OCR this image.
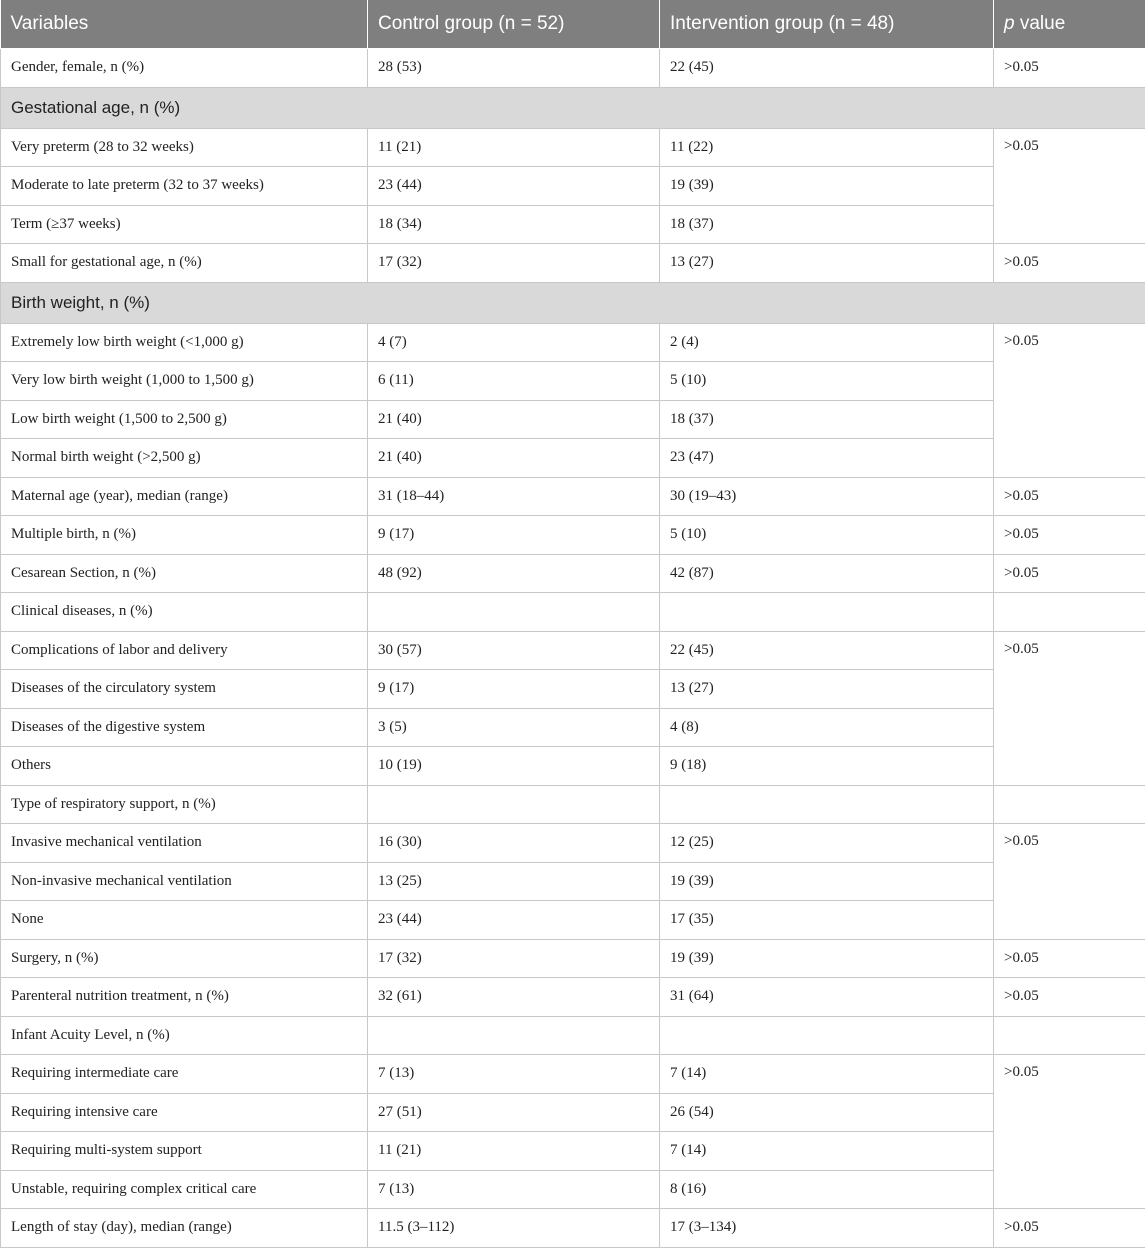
Variables	Control group (n = 52)	Intervention group (n = 48)	p value
Gender, female, n (%)	28 (53)	22 (45)	>0.05
Gestational age, n (%)			
Very preterm (28 to 32 weeks)	11 (21)	11 (22)	>0.05
Moderate to late preterm (32 to 37 weeks)	23 (44)	19 (39)	
Term (≥37 weeks)	18 (34)	18 (37)	
Small for gestational age, n (%)	17 (32)	13 (27)	>0.05
Birth weight, n (%)			
Extremely low birth weight (<1,000 g)	4 (7)	2 (4)	>0.05
Very low birth weight (1,000 to 1,500 g)	6 (11)	5 (10)	
Low birth weight (1,500 to 2,500 g)	21 (40)	18 (37)	
Normal birth weight (>2,500 g)	21 (40)	23 (47)	
Maternal age (year), median (range)	31 (18–44)	30 (19–43)	>0.05
Multiple birth, n (%)	9 (17)	5 (10)	>0.05
Cesarean Section, n (%)	48 (92)	42 (87)	>0.05
Clinical diseases, n (%)			
Complications of labor and delivery	30 (57)	22 (45)	>0.05
Diseases of the circulatory system	9 (17)	13 (27)	
Diseases of the digestive system	3 (5)	4 (8)	
Others	10 (19)	9 (18)	
Type of respiratory support, n (%)			
Invasive mechanical ventilation	16 (30)	12 (25)	>0.05
Non-invasive mechanical ventilation	13 (25)	19 (39)	
None	23 (44)	17 (35)	
Surgery, n (%)	17 (32)	19 (39)	>0.05
Parenteral nutrition treatment, n (%)	32 (61)	31 (64)	>0.05
Infant Acuity Level, n (%)			
Requiring intermediate care	7 (13)	7 (14)	>0.05
Requiring intensive care	27 (51)	26 (54)	
Requiring multi-system support	11 (21)	7 (14)	
Unstable, requiring complex critical care	7 (13)	8 (16)	
Length of stay (day), median (range)	11.5 (3–112)	17 (3–134)	>0.05
